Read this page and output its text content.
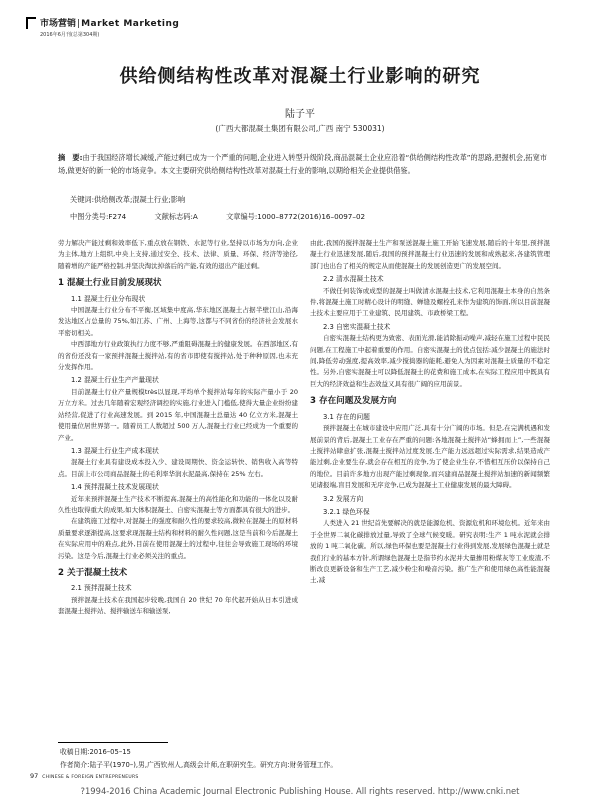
市场营销|Market Marketing
2016年6月刊(总第304期)
供给侧结构性改革对混凝土行业影响的研究
陆子平
(广西大都混凝土集团有限公司,广西 南宁 530031)
摘　要:由于我国经济增长减缓,产能过剩已成为一个严重的问题,企业进入转型升级阶段,商品混凝土企业应沿着“供给侧结构性改革”的思路,把握机会,拓宽市场,做更好的新一轮的市场竞争。本文主要研究供给侧结构性改革对混凝土行业的影响,以期给相关企业提供借鉴。
关键词:供给侧改革;混凝土行业;影响
中图分类号:F274	文献标志码:A	文章编号:1000–8772(2016)16–0097–02

劳力解决产能过剩和效率低下,重点放在钢铁、水泥等行业,坚持以市场为方向,企业为主体,地方上组织,中央上支持,通过安全、技术、法律、质量、环保、经济等途径,随着增的产能严格控制,并坚决淘汰掉落后的产能,有效的退出产能过剩。

1 混凝土行业目前发展现状
1.1 混凝土行业分布现状

中国混凝土行业分布不平衡,区域集中度高,华东地区混凝土占据半壁江山,沿海发达地区占总量的 75%,如江苏、广州、上海等,这都与不同省份的经济社会发展水平密切相关。

中西部地方行业政策执行力度不够,严重阻碍混凝土的健康发展。在西部地区,有的省份还没有一家预拌混凝土搅拌站,有的省市即使有搅拌站,处于种种原因,也未充分发挥作用。

1.2 混凝土行业生产产量现状

目前混凝土行业产量规模très以显现,平均单个搅拌站每年的实际产量小于 20 万立方米。过去几年随着宏观经济调控的实施,行业进入门槛低,使得大量企业纷纷建站经营,促进了行业高速发展。到 2015 年,中国混凝土总量达 40 亿立方米,混凝土使用量位居世界第一。随着员工人数超过 500 万人,混凝土行业已经成为一个重要的产业。

1.3 混凝土行业生产成本现状

混凝土行业具有建设成本投入少、建设周期快、资金运转快、销售收入高等特点。目前上市公司商品混凝土的毛利率华润水泥最高,保持在 25% 左右。

1.4 预拌混凝土技术发展现状

近年来预拌混凝土生产技术不断提高,混凝土的高性能化和功能的一体化以及耐久性也取得重大的成果,如大体积混凝土、自密实混凝土等方面都具有很大的进步。

在建筑施工过程中,对混凝土的强度和耐久性的要求较高,微粒在混凝土的原材料质量要求逐渐提高,这要求现混凝土结构和材料的耐久性问题,这是当前和今后混凝土在实际应用中的难点,此外,目前在使用混凝土的过程中,往往会导致施工现场的环境污染。这是今后,混凝土行业必须关注的重点。

2 关于混凝土技术
2.1 预拌混凝土技术

预拌混凝土技术在我国起步较晚,我国自 20 世纪 70 年代起开始从日本引进成套混凝土搅拌站、搅拌输送车和输送泵,

由此,我国的搅拌混凝土生产和泵送混凝土施工开始飞速发展,随后的十年里,预拌混凝土行业迅速发展,随后,我国的预拌混凝土行业迅速的发展和成熟起来,各建筑管理部门也出台了相关的规定从而使混凝土的发展创造更广的发展空间。

2.2 清水混凝土技术

不做任何装饰或成型的混凝土叫做清水混凝土技术,它利用混凝土本身的自然条件,将混凝土施工时精心设计的明缝、蝉缝及螺栓孔来作为建筑的饰面,所以目前混凝土技术主要应用于工业建筑、民用建筑、市政桥梁工程。

2.3 自密实混凝土技术

自密实混凝土结构更为致密、表面光滑,能消除振动噪声,减轻在施工过程中民民问题,在工程施工中起着重要的作用。自密实混凝土的优点包括:减少混凝土的施法时间,降低劳动强度,提高效率,减少搅捣器的能耗,避免人为因素对混凝土质量的不稳定性。另外,自密实混凝土可以降低混凝土的花费和施工成本,在实际工程应用中既具有巨大的经济效益和生态效益又具有很广阔的应用前景。

3 存在问题及发展方向
3.1 存在的问题

预拌混凝土在城市建设中应用广泛,具有十分广阔的市场。但是,在完满机遇和发展前景的背后,混凝土工业存在严重的问题:各地混凝土搅拌站“蜂拥而上”,一些混凝土搅拌站肆意扩张,混凝土搅拌站过度发展,生产能力远远超过实际需求,结果造成产能过剩,企业要生存,就会存在相互的竞争,为了使企业生存,不惜相互压价以保持自己的地位。目前许多地方出现产能过剩现象,而兴建商品混凝土搅拌站加速的新闻频繁见诸报端,盲目发展和无序竞争,已成为混凝土工业健康发展的最大障碍。

3.2 发展方向
3.2.1 绿色环保

人类进入 21 世纪首先要解决的就是能源危机、资源危机和环境危机。近年来由于全世界二氧化碳排放过量,导致了全球气候变暖。研究表明:生产 1 吨水泥就会排放的 1 吨二氧化碳。所以,绿色环保也要是混凝土行业得到发展,发展绿色混凝土就是我们行业的基本方针,所谓绿色混凝土是指节约水泥并大量掺用粉煤灰等工业废渣,不断改良更新设备和生产工艺,减少粉尘和噪音污染。推广生产和使用绿色高性能混凝土,减

收稿日期:2016–05–15
作者简介:陆子平(1970–),男,广西钦州人,高级会计师,在职研究生。研究方向:财务管理工作。
97 CHINESE & FOREIGN ENTREPRENEURS
?1994-2016 China Academic Journal Electronic Publishing House. All rights reserved. http://www.cnki.net
